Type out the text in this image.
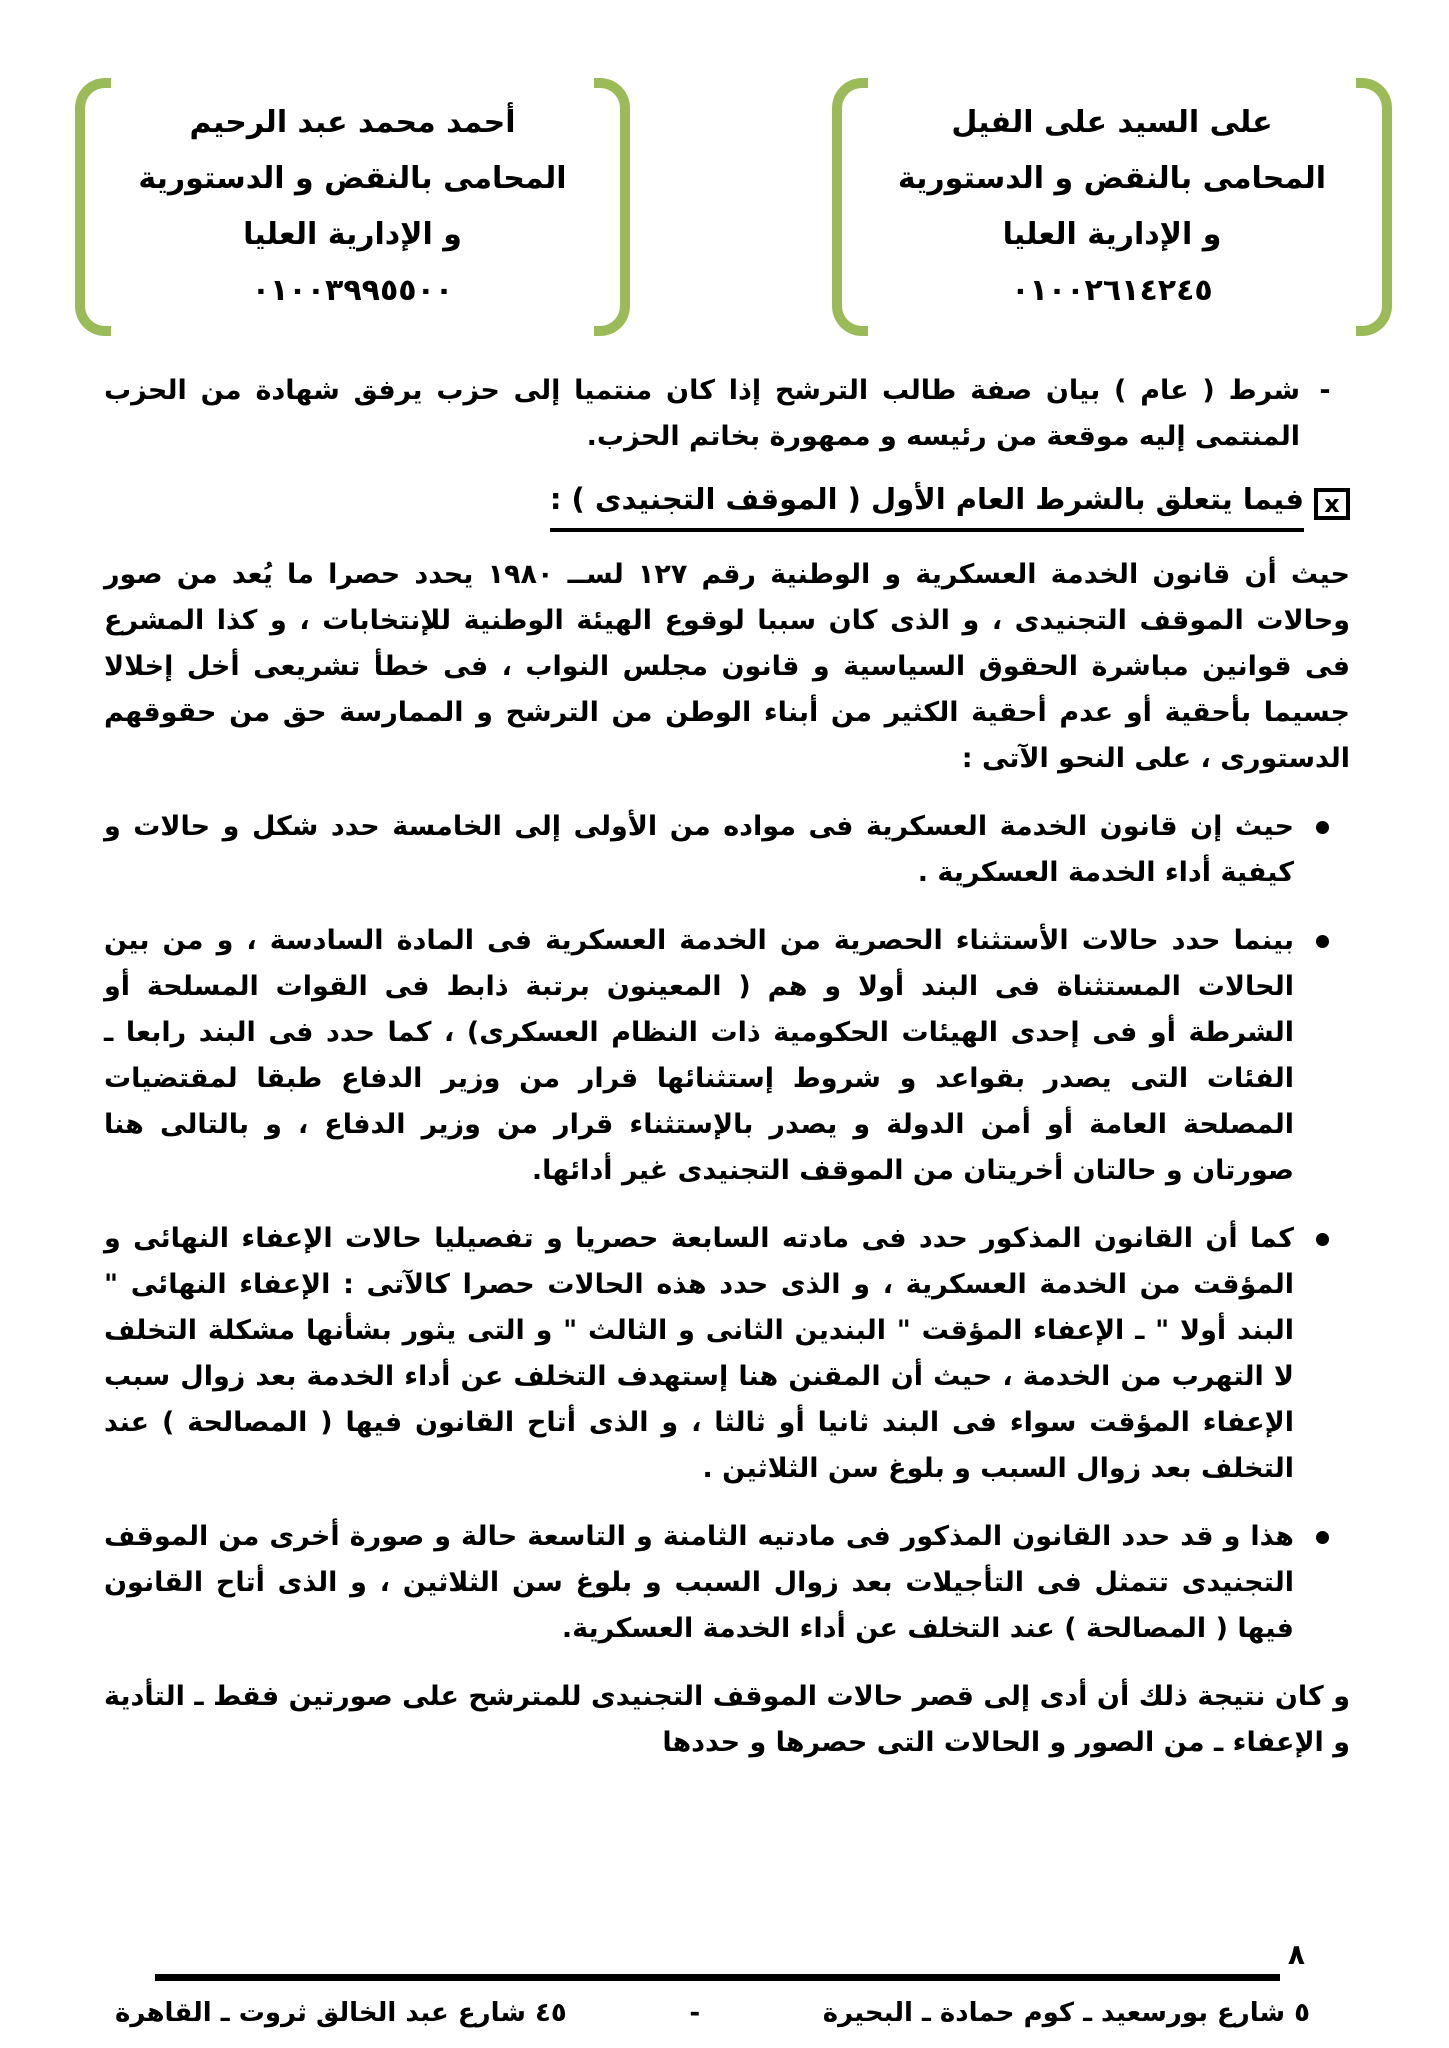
على السيد على الفيل
المحامى بالنقض و الدستورية
و الإدارية العليا
٠١٠٠٢٦١٤٢٤٥
أحمد محمد عبد الرحيم
المحامى بالنقض و الدستورية
و الإدارية العليا
٠١٠٠٣٩٩٥٥٠٠
-

شرط ( عام ) بيان صفة طالب الترشح إذا كان منتميا إلى حزب يرفق شهادة من الحزب المنتمى إليه موقعة من رئيسه و ممهورة بخاتم الحزب.

x
فيما يتعلق بالشرط العام الأول ( الموقف التجنيدى ) :

حيث أن قانون الخدمة العسكرية و الوطنية رقم ١٢٧ لســ ١٩٨٠ يحدد حصرا ما يُعد من صور وحالات الموقف التجنيدى ، و الذى كان سببا لوقوع الهيئة الوطنية للإنتخابات ، و كذا المشرع فى قوانين مباشرة الحقوق السياسية و قانون مجلس النواب ، فى خطأ تشريعى أخل إخلالا جسيما بأحقية أو عدم أحقية الكثير من أبناء الوطن من الترشح و الممارسة حق من حقوقهم الدستورى ، على النحو الآتى :

حيث إن قانون الخدمة العسكرية فى مواده من الأولى إلى الخامسة حدد شكل و حالات و كيفية أداء الخدمة العسكرية .
بينما حدد حالات الأستثناء الحصرية من الخدمة العسكرية فى المادة السادسة ، و من بين الحالات المستثناة فى البند أولا و هم ( المعينون برتبة ذابط فى القوات المسلحة أو الشرطة أو فى إحدى الهيئات الحكومية ذات النظام العسكرى) ، كما حدد فى البند رابعا ـ الفئات التى يصدر بقواعد و شروط إستثنائها قرار من وزير الدفاع طبقا لمقتضيات المصلحة العامة أو أمن الدولة و يصدر بالإستثناء قرار من وزير الدفاع ، و بالتالى هنا صورتان و حالتان أخريتان من الموقف التجنيدى غير أدائها.
كما أن القانون المذكور حدد فى مادته السابعة حصريا و تفصيليا حالات الإعفاء النهائى و المؤقت من الخدمة العسكرية ، و الذى حدد هذه الحالات حصرا كالآتى : الإعفاء النهائى " البند أولا " ـ الإعفاء المؤقت " البندين الثانى و الثالث " و التى يثور بشأنها مشكلة التخلف لا التهرب من الخدمة ، حيث أن المقنن هنا إستهدف التخلف عن أداء الخدمة بعد زوال سبب الإعفاء المؤقت سواء فى البند ثانيا أو ثالثا ، و الذى أتاح القانون فيها ( المصالحة ) عند التخلف بعد زوال السبب و بلوغ سن الثلاثين .
هذا و قد حدد القانون المذكور فى مادتيه الثامنة و التاسعة حالة و صورة أخرى من الموقف التجنيدى تتمثل فى التأجيلات بعد زوال السبب و بلوغ سن الثلاثين ، و الذى أتاح القانون فيها ( المصالحة ) عند التخلف عن أداء الخدمة العسكرية.

و كان نتيجة ذلك أن أدى إلى قصر حالات الموقف التجنيدى للمترشح على صورتين فقط ـ التأدية و الإعفاء ـ من الصور و الحالات التى حصرها و حددها

٨
٥ شارع بورسعيد ـ كوم حمادة ـ البحيرة
-
٤٥ شارع عبد الخالق ثروت ـ القاهرة
